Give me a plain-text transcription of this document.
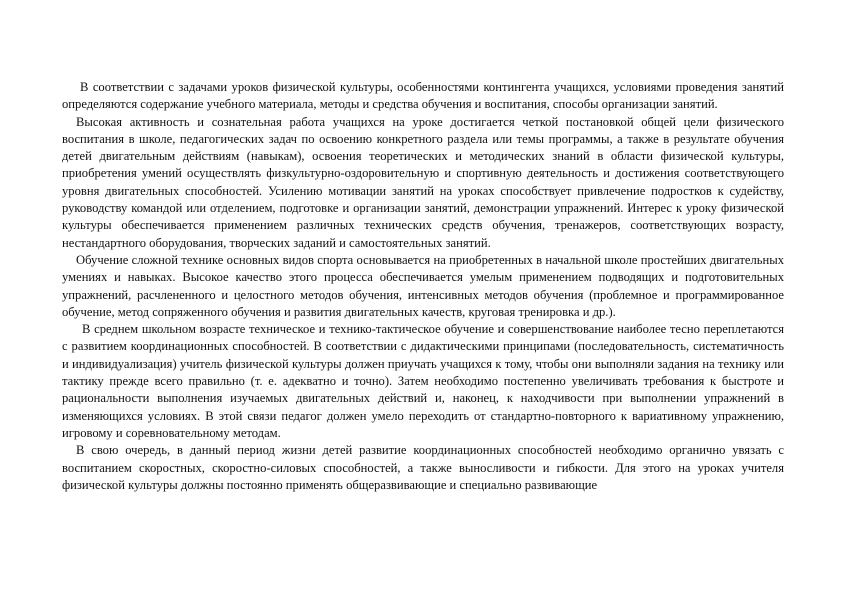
В соответствии с задачами уроков физической культуры, особенностями контингента учащихся, условиями проведения занятий определяются содержание учебного материала, методы и средства обучения и воспитания, способы организации занятий.

Высокая активность и сознательная работа учащихся на уроке достигается четкой постановкой общей цели физического воспитания в школе, педагогических задач по освоению конкретного раздела или темы программы, а также в результате обучения детей двигательным действиям (навыкам), освоения теоретических и методических знаний в области физической культуры, приобретения умений осуществлять физкультурно-оздоровительную и спортивную деятельность и достижения соответствующего уровня двигательных способностей. Усилению мотивации занятий на уроках способствует привлечение подростков к судейству, руководству командой или отделением, подготовке и организации занятий, демонстрации упражнений. Интерес к уроку физической культуры обеспечивается применением различных технических средств обучения, тренажеров, соответствующих возрасту, нестандартного оборудования, творческих заданий и самостоятельных занятий.

Обучение сложной технике основных видов спорта основывается на приобретенных в начальной школе простейших двигательных умениях и навыках. Высокое качество этого процесса обеспечивается умелым применением подводящих и подготовительных упражнений, расчлененного и целостного методов обучения, интенсивных методов обучения (проблемное и программированное обучение, метод сопряженного обучения и развития двигательных качеств, круговая тренировка и др.).

В среднем школьном возрасте техническое и технико-тактическое обучение и совершенствование наиболее тесно переплетаются с развитием координационных способностей. В соответствии с дидактическими принципами (последовательность, систематичность и индивидуализация) учитель физической культуры должен приучать учащихся к тому, чтобы они выполняли задания на технику или тактику прежде всего правильно (т. е. адекватно и точно). Затем необходимо постепенно увеличивать требования к быстроте и рациональности выполнения изучаемых двигательных действий и, наконец, к находчивости при выполнении упражнений в изменяющихся условиях. В этой связи педагог должен умело переходить от стандартно-повторного к вариативному упражнению, игровому и соревновательному методам.

В свою очередь, в данный период жизни детей развитие координационных способностей необходимо органично увязать с воспитанием скоростных, скоростно-силовых способностей, а также выносливости и гибкости. Для этого на уроках учителя физической культуры должны постоянно применять общеразвивающие и специально развивающие
